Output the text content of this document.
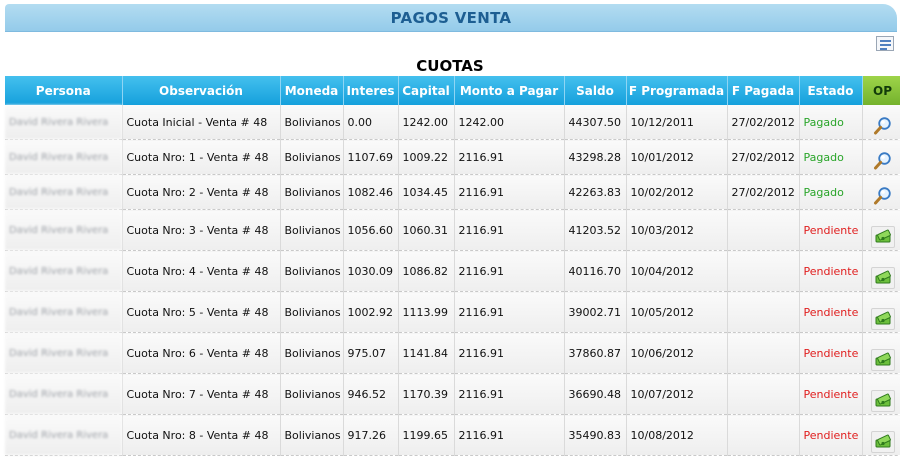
PAGOS VENTA
CUOTAS
Persona	Observación	Moneda	Interes	Capital	Monto a Pagar	Saldo	F Programada	F Pagada	Estado	OP
David Rivera Rivera	Cuota Inicial - Venta # 48	Bolivianos	0.00	1242.00	1242.00	44307.50	10/12/2011	27/02/2012	Pagado	
David Rivera Rivera	Cuota Nro: 1 - Venta # 48	Bolivianos	1107.69	1009.22	2116.91	43298.28	10/01/2012	27/02/2012	Pagado	
David Rivera Rivera	Cuota Nro: 2 - Venta # 48	Bolivianos	1082.46	1034.45	2116.91	42263.83	10/02/2012	27/02/2012	Pagado	
David Rivera Rivera	Cuota Nro: 3 - Venta # 48	Bolivianos	1056.60	1060.31	2116.91	41203.52	10/03/2012		Pendiente	
David Rivera Rivera	Cuota Nro: 4 - Venta # 48	Bolivianos	1030.09	1086.82	2116.91	40116.70	10/04/2012		Pendiente	
David Rivera Rivera	Cuota Nro: 5 - Venta # 48	Bolivianos	1002.92	1113.99	2116.91	39002.71	10/05/2012		Pendiente	
David Rivera Rivera	Cuota Nro: 6 - Venta # 48	Bolivianos	975.07	1141.84	2116.91	37860.87	10/06/2012		Pendiente	
David Rivera Rivera	Cuota Nro: 7 - Venta # 48	Bolivianos	946.52	1170.39	2116.91	36690.48	10/07/2012		Pendiente	
David Rivera Rivera	Cuota Nro: 8 - Venta # 48	Bolivianos	917.26	1199.65	2116.91	35490.83	10/08/2012		Pendiente	
